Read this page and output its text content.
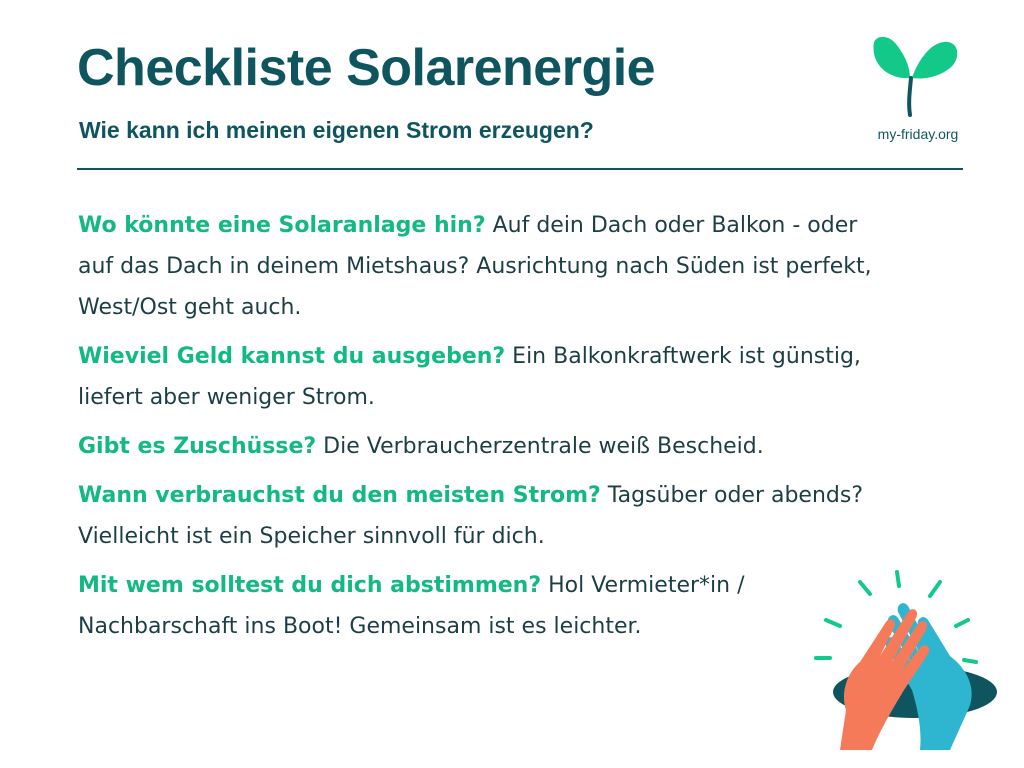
Checkliste Solarenergie
Wie kann ich meinen eigenen Strom erzeugen?	my-friday.org
Wo könnte eine Solaranlage hin? Auf dein Dach oder Balkon - oder auf das Dach in deinem Mietshaus? Ausrichtung nach Süden ist perfekt, West/Ost geht auch.
Wieviel Geld kannst du ausgeben? Ein Balkonkraftwerk ist günstig, liefert aber weniger Strom.
Gibt es Zuschüsse? Die Verbraucherzentrale weiß Bescheid.
Wann verbrauchst du den meisten Strom? Tagsüber oder abends? Vielleicht ist ein Speicher sinnvoll für dich.
Mit wem solltest du dich abstimmen? Hol Vermieter*in / Nachbarschaft ins Boot! Gemeinsam ist es leichter.
